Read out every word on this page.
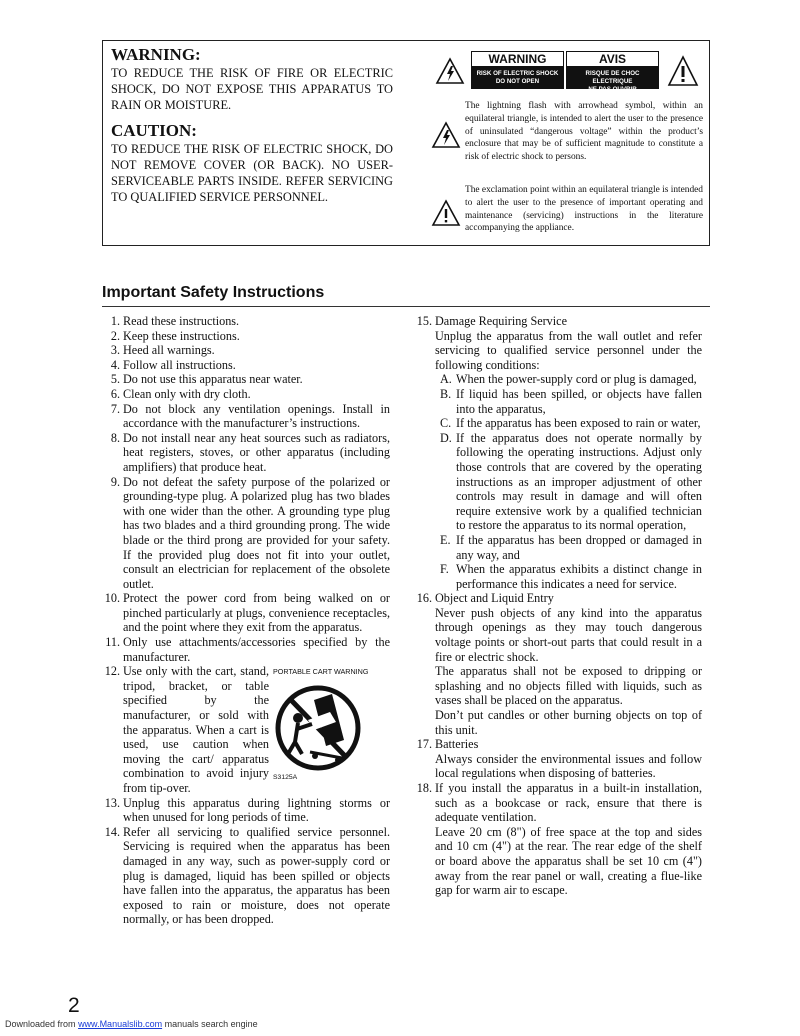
WARNING:

TO REDUCE THE RISK OF FIRE OR ELECTRIC SHOCK, DO NOT EXPOSE THIS APPARATUS TO RAIN OR MOISTURE.

CAUTION:

TO REDUCE THE RISK OF ELECTRIC SHOCK, DO NOT REMOVE COVER (OR BACK). NO USER-SERVICEABLE PARTS INSIDE. REFER SERVICING TO QUALIFIED SERVICE PERSONNEL.

WARNING
RISK OF ELECTRIC SHOCK
DO NOT OPEN
AVIS
RISQUE DE CHOC ELECTRIQUE
NE PAS OUVRIR
The lightning flash with arrowhead symbol, within an equilateral triangle, is intended to alert the user to the presence of uninsulated “dangerous voltage” within the product’s enclosure that may be of sufficient magnitude to constitute a risk of electric shock to persons.
The exclamation point within an equilateral triangle is intended to alert the user to the presence of important operating and maintenance (servicing) instructions in the literature accompanying the appliance.
Important Safety Instructions
1. Read these instructions.
2. Keep these instructions.
3. Heed all warnings.
4. Follow all instructions.
5. Do not use this apparatus near water.
6. Clean only with dry cloth.
7. Do not block any ventilation openings. Install in accordance with the manufacturer’s instructions.
8. Do not install near any heat sources such as radiators, heat registers, stoves, or other apparatus (including amplifiers) that produce heat.
9. Do not defeat the safety purpose of the polarized or grounding-type plug. A polarized plug has two blades with one wider than the other. A grounding type plug has two blades and a third grounding prong. The wide blade or the third prong are provided for your safety. If the provided plug does not fit into your outlet, consult an electrician for replacement of the obsolete outlet.
10. Protect the power cord from being walked on or pinched particularly at plugs, convenience receptacles, and the point where they exit from the apparatus.
11. Only use attachments/accessories specified by the manufacturer.
12. Use only with the cart, stand, tripod, bracket, or table specified by the manufacturer, or sold with the apparatus. When a cart is used, use caution when moving the cart/ apparatus combination to avoid injury from tip-over.
PORTABLE CART WARNING
S3125A
13. Unplug this apparatus during lightning storms or when unused for long periods of time.
14. Refer all servicing to qualified service personnel. Servicing is required when the apparatus has been damaged in any way, such as power-supply cord or plug is damaged, liquid has been spilled or objects have fallen into the apparatus, the apparatus has been exposed to rain or moisture, does not operate normally, or has been dropped.
15. Damage Requiring Service
Unplug the apparatus from the wall outlet and refer servicing to qualified service personnel under the following conditions:
A. When the power-supply cord or plug is damaged,
B. If liquid has been spilled, or objects have fallen into the apparatus,
C. If the apparatus has been exposed to rain or water,
D. If the apparatus does not operate normally by following the operating instructions. Adjust only those controls that are covered by the operating instructions as an improper adjustment of other controls may result in damage and will often require extensive work by a qualified technician to restore the apparatus to its normal operation,
E. If the apparatus has been dropped or damaged in any way, and
F. When the apparatus exhibits a distinct change in performance this indicates a need for service.
16. Object and Liquid Entry
Never push objects of any kind into the apparatus through openings as they may touch dangerous voltage points or short-out parts that could result in a fire or electric shock.
The apparatus shall not be exposed to dripping or splashing and no objects filled with liquids, such as vases shall be placed on the apparatus.
Don’t put candles or other burning objects on top of this unit.
17. Batteries
Always consider the environmental issues and follow local regulations when disposing of batteries.
18. If you install the apparatus in a built-in installation, such as a bookcase or rack, ensure that there is adequate ventilation.
Leave 20 cm (8") of free space at the top and sides and 10 cm (4") at the rear. The rear edge of the shelf or board above the apparatus shall be set 10 cm (4") away from the rear panel or wall, creating a flue-like gap for warm air to escape.
2
Downloaded from www.Manualslib.com manuals search engine
